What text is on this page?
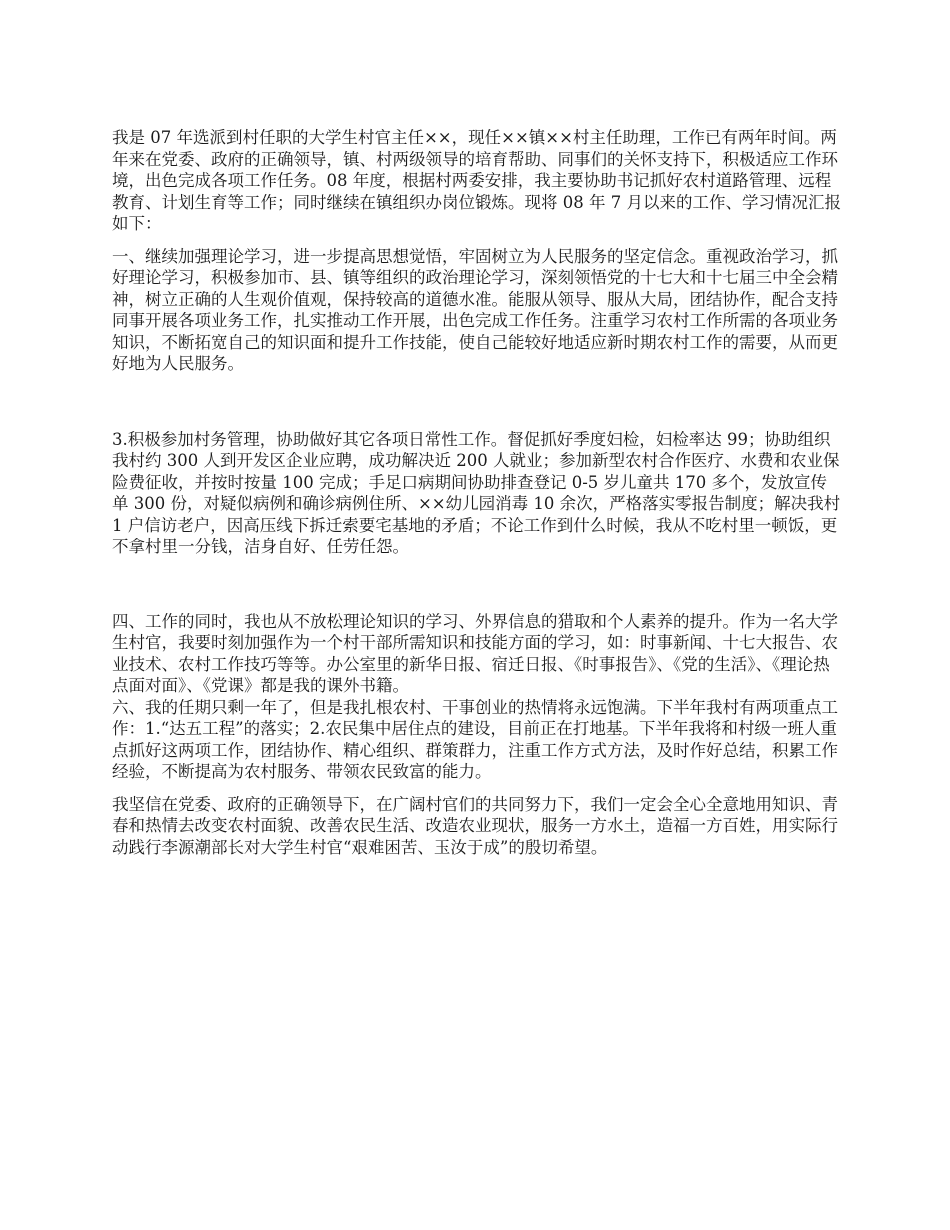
我是 07 年选派到村任职的大学生村官主任××，现任××镇××村主任助理，工作已有两年时间。两年来在党委、政府的正确领导，镇、村两级领导的培育帮助、同事们的关怀支持下，积极适应工作环境，出色完成各项工作任务。08 年度，根据村两委安排，我主要协助书记抓好农村道路管理、远程教育、计划生育等工作；同时继续在镇组织办岗位锻炼。现将 08 年 7 月以来的工作、学习情况汇报如下：

一、继续加强理论学习，进一步提高思想觉悟，牢固树立为人民服务的坚定信念。重视政治学习，抓好理论学习，积极参加市、县、镇等组织的政治理论学习，深刻领悟党的十七大和十七届三中全会精神，树立正确的人生观价值观，保持较高的道德水准。能服从领导、服从大局，团结协作，配合支持同事开展各项业务工作，扎实推动工作开展，出色完成工作任务。注重学习农村工作所需的各项业务知识，不断拓宽自己的知识面和提升工作技能，使自己能较好地适应新时期农村工作的需要，从而更好地为人民服务。

3.积极参加村务管理，协助做好其它各项日常性工作。督促抓好季度妇检，妇检率达 99；协助组织我村约 300 人到开发区企业应聘，成功解决近 200 人就业；参加新型农村合作医疗、水费和农业保险费征收，并按时按量 100 完成；手足口病期间协助排查登记 0-5 岁儿童共 170 多个，发放宣传单 300 份，对疑似病例和确诊病例住所、××幼儿园消毒 10 余次，严格落实零报告制度；解决我村 1 户信访老户，因高压线下拆迁索要宅基地的矛盾；不论工作到什么时候，我从不吃村里一顿饭，更不拿村里一分钱，洁身自好、任劳任怨。

四、工作的同时，我也从不放松理论知识的学习、外界信息的猎取和个人素养的提升。作为一名大学生村官，我要时刻加强作为一个村干部所需知识和技能方面的学习，如：时事新闻、十七大报告、农业技术、农村工作技巧等等。办公室里的新华日报、宿迁日报、《时事报告》、《党的生活》、《理论热点面对面》、《党课》都是我的课外书籍。

六、我的任期只剩一年了，但是我扎根农村、干事创业的热情将永远饱满。下半年我村有两项重点工作：1.“达五工程”的落实；2.农民集中居住点的建设，目前正在打地基。下半年我将和村级一班人重点抓好这两项工作，团结协作、精心组织、群策群力，注重工作方式方法，及时作好总结，积累工作经验，不断提高为农村服务、带领农民致富的能力。

我坚信在党委、政府的正确领导下，在广阔村官们的共同努力下，我们一定会全心全意地用知识、青春和热情去改变农村面貌、改善农民生活、改造农业现状，服务一方水土，造福一方百姓，用实际行动践行李源潮部长对大学生村官“艰难困苦、玉汝于成”的殷切希望。
